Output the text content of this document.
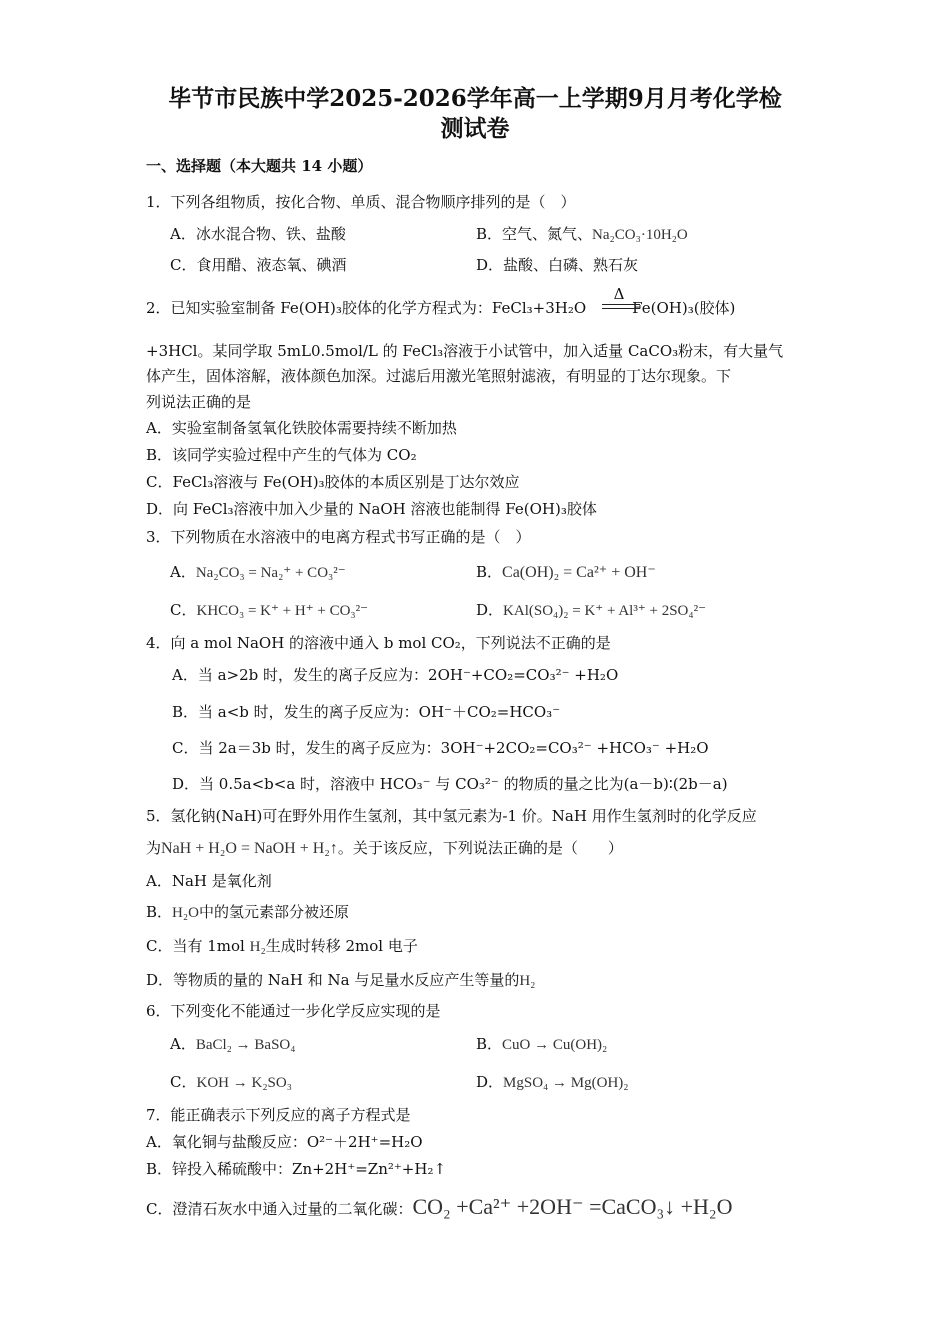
毕节市民族中学2025-2026学年高一上学期9月月考化学检
测试卷
一、选择题（本大题共 14 小题）
1．下列各组物质，按化合物、单质、混合物顺序排列的是（　）
A．冰水混合物、铁、盐酸	B．空气、氮气、Na₂CO₃·10H₂O
C．食用醋、液态氧、碘酒	D．盐酸、白磷、熟石灰
2．已知实验室制备 Fe(OH)₃胶体的化学方程式为：FeCl₃+3H₂O	Fe(OH)₃(胶体)
Δ
+3HCl。某同学取 5mL0.5mol/L 的 FeCl₃溶液于小试管中，加入适量 CaCO₃粉末，有大量气
体产生，固体溶解，液体颜色加深。过滤后用激光笔照射滤液，有明显的丁达尔现象。下
列说法正确的是
A．实验室制备氢氧化铁胶体需要持续不断加热
B．该同学实验过程中产生的气体为 CO₂
C．FeCl₃溶液与 Fe(OH)₃胶体的本质区别是丁达尔效应
D．向 FeCl₃溶液中加入少量的 NaOH 溶液也能制得 Fe(OH)₃胶体
3．下列物质在水溶液中的电离方程式书写正确的是（　）
A．Na₂CO₃ = Na₂⁺ + CO₃²⁻	B．Ca(OH)₂ = Ca²⁺ + OH⁻
C．KHCO₃ = K⁺ + H⁺ + CO₃²⁻	D．KAl(SO₄)₂ = K⁺ + Al³⁺ + 2SO₄²⁻
4．向 a mol NaOH 的溶液中通入 b mol CO₂，下列说法不正确的是
A．当 a>2b 时，发生的离子反应为：2OH⁻+CO₂=CO₃²⁻ +H₂O
B．当 a<b 时，发生的离子反应为：OH⁻＋CO₂=HCO₃⁻
C．当 2a＝3b 时，发生的离子反应为：3OH⁻+2CO₂=CO₃²⁻ +HCO₃⁻ +H₂O
D．当 0.5a<b<a 时，溶液中 HCO₃⁻ 与 CO₃²⁻ 的物质的量之比为(a－b)∶(2b－a)
5．氢化钠(NaH)可在野外用作生氢剂，其中氢元素为-1 价。NaH 用作生氢剂时的化学反应
为NaH + H₂O = NaOH + H₂↑。关于该反应，下列说法正确的是（　　）
A．NaH 是氧化剂
B．H₂O中的氢元素部分被还原
C．当有 1mol H₂生成时转移 2mol 电子
D．等物质的量的 NaH 和 Na 与足量水反应产生等量的H₂
6．下列变化不能通过一步化学反应实现的是
A．BaCl₂ → BaSO₄	B．CuO → Cu(OH)₂
C．KOH → K₂SO₃	D．MgSO₄ → Mg(OH)₂
7．能正确表示下列反应的离子方程式是
A．氧化铜与盐酸反应：O²⁻＋2H⁺=H₂O
B．锌投入稀硫酸中：Zn+2H⁺=Zn²⁺+H₂↑
C．澄清石灰水中通入过量的二氧化碳：CO₂ +Ca²⁺ +2OH⁻ =CaCO₃↓ +H₂O
